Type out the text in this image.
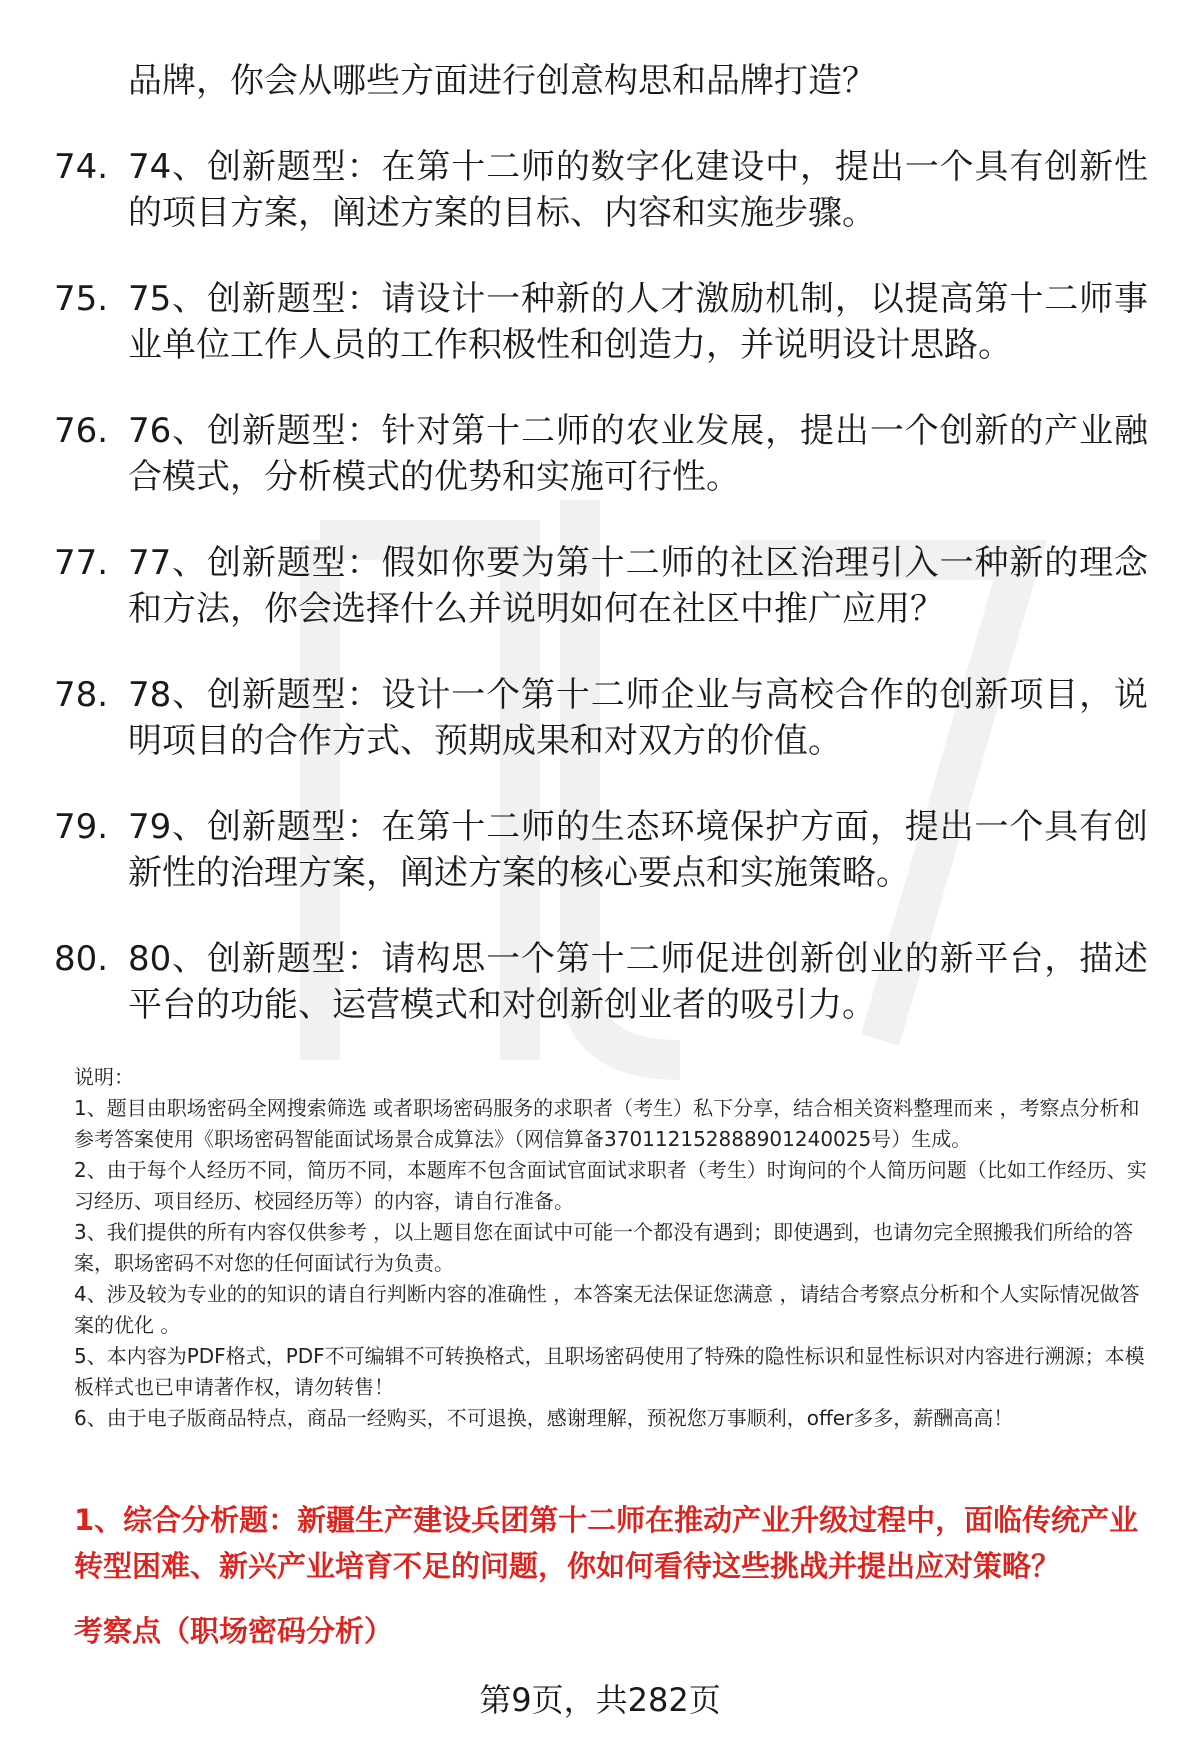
品牌，你会从哪些方面进行创意构思和品牌打造？

74. 74、创新题型：在第十二师的数字化建设中，提出一个具有创新性的项目方案，阐述方案的目标、内容和实施步骤。
75. 75、创新题型：请设计一种新的人才激励机制，以提高第十二师事业单位工作人员的工作积极性和创造力，并说明设计思路。
76. 76、创新题型：针对第十二师的农业发展，提出一个创新的产业融合模式，分析模式的优势和实施可行性。
77. 77、创新题型：假如你要为第十二师的社区治理引入一种新的理念和方法，你会选择什么并说明如何在社区中推广应用？
78. 78、创新题型：设计一个第十二师企业与高校合作的创新项目，说明项目的合作方式、预期成果和对双方的价值。
79. 79、创新题型：在第十二师的生态环境保护方面，提出一个具有创新性的治理方案，阐述方案的核心要点和实施策略。
80. 80、创新题型：请构思一个第十二师促进创新创业的新平台，描述平台的功能、运营模式和对创新创业者的吸引力。

说明：

1、题目由职场密码全网搜索筛选 或者职场密码服务的求职者（考生）私下分享，结合相关资料整理而来 ，考察点分析和参考答案使用《职场密码智能面试场景合成算法》（网信算备370112152888901240025号）生成。

2、由于每个人经历不同，简历不同，本题库不包含面试官面试求职者（考生）时询问的个人简历问题（比如工作经历、实习经历、项目经历、校园经历等）的内容，请自行准备。

3、我们提供的所有内容仅供参考 ，以上题目您在面试中可能一个都没有遇到；即使遇到，也请勿完全照搬我们所给的答案，职场密码不对您的任何面试行为负责。

4、涉及较为专业的的知识的请自行判断内容的准确性 ，本答案无法保证您满意 ，请结合考察点分析和个人实际情况做答案的优化 。

5、本内容为PDF格式，PDF不可编辑不可转换格式，且职场密码使用了特殊的隐性标识和显性标识对内容进行溯源；本模板样式也已申请著作权，请勿转售！

6、由于电子版商品特点，商品一经购买，不可退换，感谢理解，预祝您万事顺利，offer多多，薪酬高高！

1、综合分析题：新疆生产建设兵团第十二师在推动产业升级过程中，面临传统产业转型困难、新兴产业培育不足的问题，你如何看待这些挑战并提出应对策略？

考察点（职场密码分析）

第9页，共282页
